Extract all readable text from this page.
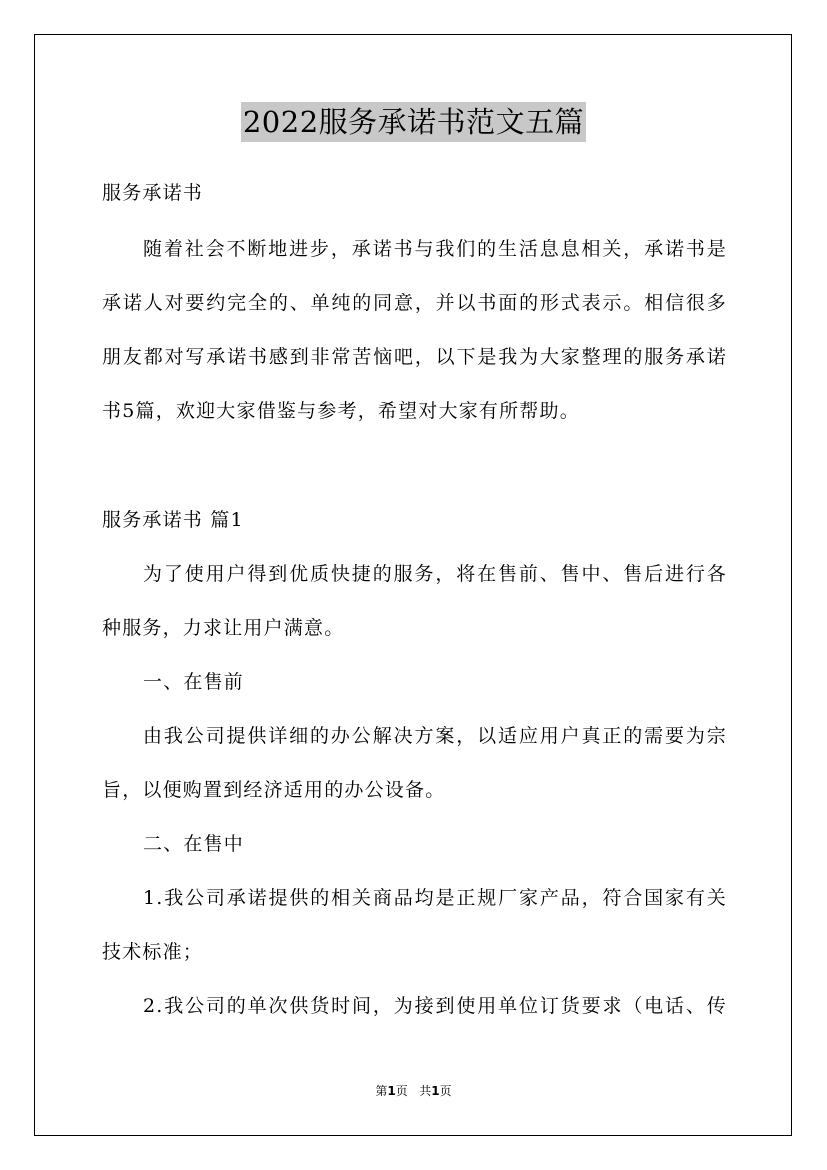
2022服务承诺书范文五篇
服务承诺书
随着社会不断地进步，承诺书与我们的生活息息相关，承诺书是
承诺人对要约完全的、单纯的同意，并以书面的形式表示。相信很多
朋友都对写承诺书感到非常苦恼吧，以下是我为大家整理的服务承诺
书5篇，欢迎大家借鉴与参考，希望对大家有所帮助。
服务承诺书 篇1
为了使用户得到优质快捷的服务，将在售前、售中、售后进行各
种服务，力求让用户满意。
一、在售前
由我公司提供详细的办公解决方案，以适应用户真正的需要为宗
旨，以便购置到经济适用的办公设备。
二、在售中
1.我公司承诺提供的相关商品均是正规厂家产品，符合国家有关
技术标准；
2.我公司的单次供货时间，为接到使用单位订货要求（电话、传
第1页 共1页
